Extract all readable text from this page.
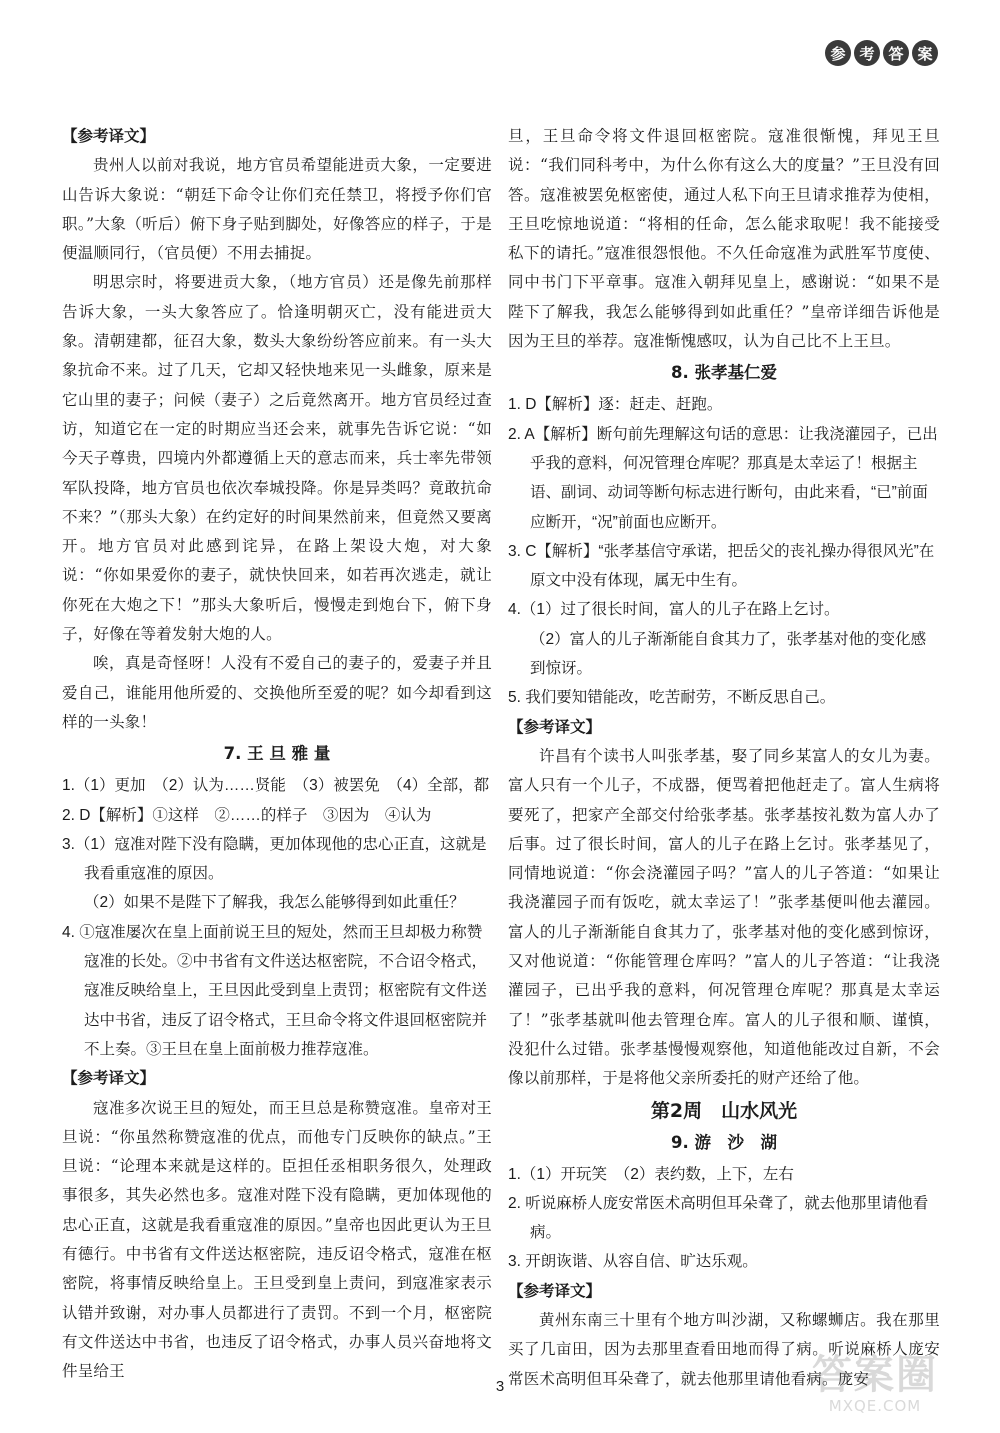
参 考 答 案

【参考译文】

贵州人以前对我说，地方官员希望能进贡大象，一定要进山告诉大象说：“朝廷下命令让你们充任禁卫，将授予你们官职。”大象（听后）俯下身子贴到脚处，好像答应的样子，于是便温顺同行，（官员便）不用去捕捉。

明思宗时，将要进贡大象，（地方官员）还是像先前那样告诉大象，一头大象答应了。恰逢明朝灭亡，没有能进贡大象。清朝建都，征召大象，数头大象纷纷答应前来。有一头大象抗命不来。过了几天，它却又轻快地来见一头雌象，原来是它山里的妻子；问候（妻子）之后竟然离开。地方官员经过查访，知道它在一定的时期应当还会来，就事先告诉它说：“如今天子尊贵，四境内外都遵循上天的意志而来，兵士率先带领军队投降，地方官员也依次奉城投降。你是异类吗？竟敢抗命不来？”（那头大象）在约定好的时间果然前来，但竟然又要离开。地方官员对此感到诧异，在路上架设大炮，对大象说：“你如果爱你的妻子，就快快回来，如若再次逃走，就让你死在大炮之下！”那头大象听后，慢慢走到炮台下，俯下身子，好像在等着发射大炮的人。

唉，真是奇怪呀！人没有不爱自己的妻子的，爱妻子并且爱自己，谁能用他所爱的、交换他所至爱的呢？如今却看到这样的一头象！

7. 王 旦 雅 量

1.（1）更加　（2）认为……贤能　（3）被罢免　（4）全部，都

2. D【解析】①这样　②……的样子　③因为　④认为

3.（1）寇准对陛下没有隐瞒，更加体现他的忠心正直，这就是我看重寇准的原因。

（2）如果不是陛下了解我，我怎么能够得到如此重任？

4. ①寇准屡次在皇上面前说王旦的短处，然而王旦却极力称赞寇准的长处。②中书省有文件送达枢密院，不合诏令格式，寇准反映给皇上，王旦因此受到皇上责罚；枢密院有文件送达中书省，违反了诏令格式，王旦命令将文件退回枢密院并不上奏。③王旦在皇上面前极力推荐寇准。

【参考译文】

寇准多次说王旦的短处，而王旦总是称赞寇准。皇帝对王旦说：“你虽然称赞寇准的优点，而他专门反映你的缺点。”王旦说：“论理本来就是这样的。臣担任丞相职务很久，处理政事很多，其失必然也多。寇准对陛下没有隐瞒，更加体现他的忠心正直，这就是我看重寇准的原因。”皇帝也因此更认为王旦有德行。中书省有文件送达枢密院，违反诏令格式，寇准在枢密院，将事情反映给皇上。王旦受到皇上责问，到寇准家表示认错并致谢，对办事人员都进行了责罚。不到一个月，枢密院有文件送达中书省，也违反了诏令格式，办事人员兴奋地将文件呈给王

旦，王旦命令将文件退回枢密院。寇准很惭愧，拜见王旦说：“我们同科考中，为什么你有这么大的度量？”王旦没有回答。寇准被罢免枢密使，通过人私下向王旦请求推荐为使相，王旦吃惊地说道：“将相的任命，怎么能求取呢！我不能接受私下的请托。”寇准很怨恨他。不久任命寇准为武胜军节度使、同中书门下平章事。寇准入朝拜见皇上，感谢说：“如果不是陛下了解我，我怎么能够得到如此重任？”皇帝详细告诉他是因为王旦的举荐。寇准惭愧感叹，认为自己比不上王旦。

8. 张孝基仁爱

1. D【解析】逐：赶走、赶跑。

2. A【解析】断句前先理解这句话的意思：让我浇灌园子，已出乎我的意料，何况管理仓库呢？那真是太幸运了！根据主语、副词、动词等断句标志进行断句，由此来看，“已”前面应断开，“况”前面也应断开。

3. C【解析】“张孝基信守承诺，把岳父的丧礼操办得很风光”在原文中没有体现，属无中生有。

4.（1）过了很长时间，富人的儿子在路上乞讨。

（2）富人的儿子渐渐能自食其力了，张孝基对他的变化感到惊讶。

5. 我们要知错能改，吃苦耐劳，不断反思自己。

【参考译文】

许昌有个读书人叫张孝基，娶了同乡某富人的女儿为妻。富人只有一个儿子，不成器，便骂着把他赶走了。富人生病将要死了，把家产全部交付给张孝基。张孝基按礼数为富人办了后事。过了很长时间，富人的儿子在路上乞讨。张孝基见了，同情地说道：“你会浇灌园子吗？”富人的儿子答道：“如果让我浇灌园子而有饭吃，就太幸运了！”张孝基便叫他去灌园。富人的儿子渐渐能自食其力了，张孝基对他的变化感到惊讶，又对他说道：“你能管理仓库吗？”富人的儿子答道：“让我浇灌园子，已出乎我的意料，何况管理仓库呢？那真是太幸运了！”张孝基就叫他去管理仓库。富人的儿子很和顺、谨慎，没犯什么过错。张孝基慢慢观察他，知道他能改过自新，不会像以前那样，于是将他父亲所委托的财产还给了他。

第2周　山水风光

9. 游　沙　湖

1.（1）开玩笑　（2）表约数，上下，左右

2. 听说麻桥人庞安常医术高明但耳朵聋了，就去他那里请他看病。

3. 开朗诙谐、从容自信、旷达乐观。

【参考译文】

黄州东南三十里有个地方叫沙湖，又称螺蛳店。我在那里买了几亩田，因为去那里查看田地而得了病。听说麻桥人庞安常医术高明但耳朵聋了，就去他那里请他看病。庞安

3	答案圈
MXQE.COM
